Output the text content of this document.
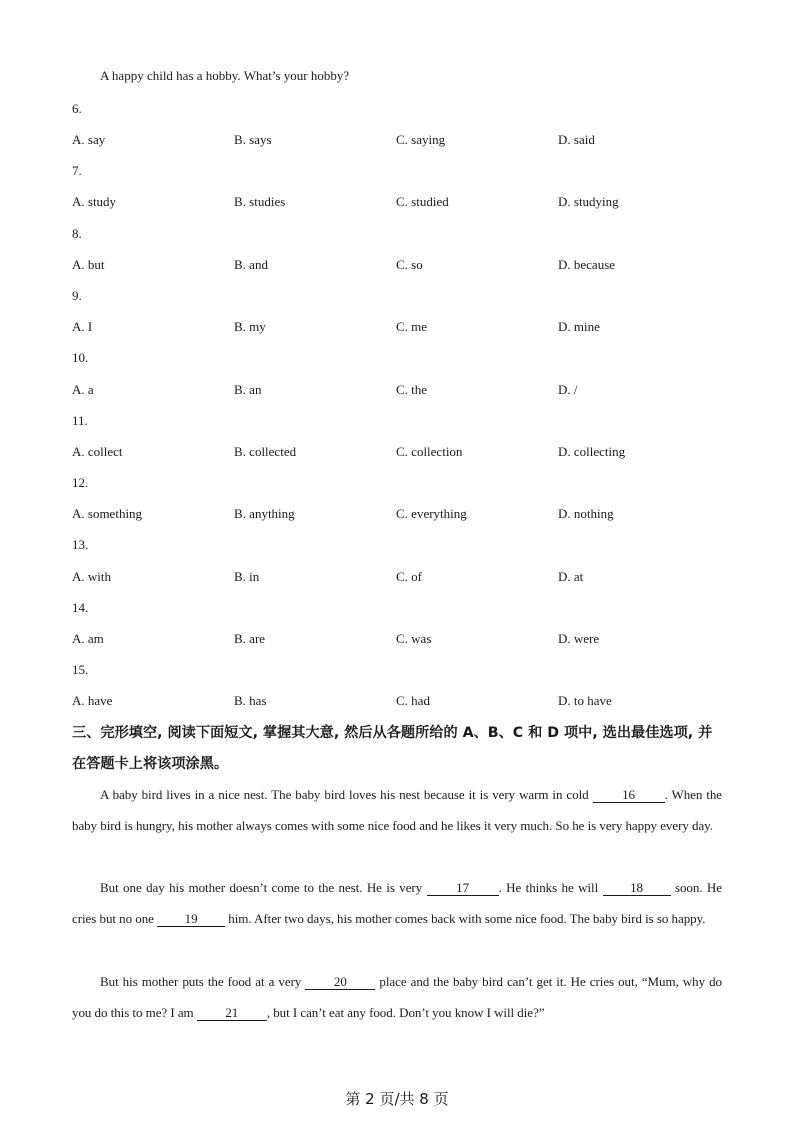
A happy child has a hobby. What’s your hobby?
6.
A. say	B. says	C. saying	D. said
7.
A. study	B. studies	C. studied	D. studying
8.
A. but	B. and	C. so	D. because
9.
A. I	B. my	C. me	D. mine
10.
A. a	B. an	C. the	D. /
11.
A. collect	B. collected	C. collection	D. collecting
12.
A. something	B. anything	C. everything	D. nothing
13.
A. with	B. in	C. of	D. at
14.
A. am	B. are	C. was	D. were
15.
A. have	B. has	C. had	D. to have
三、完形填空, 阅读下面短文, 掌握其大意, 然后从各题所给的 A、B、C 和 D 项中, 选出最佳选项, 并在答题卡上将该项涂黑。

A baby bird lives in a nice nest. The baby bird loves his nest because it is very warm in cold 16 . When the baby bird is hungry, his mother always comes with some nice food and he likes it very much. So he is very happy every day.

But one day his mother doesn’t come to the nest. He is very 17 . He thinks he will 18 soon. He cries but no one 19 him. After two days, his mother comes back with some nice food. The baby bird is so happy.

But his mother puts the food at a very 20 place and the baby bird can’t get it. He cries out, “Mum, why do you do this to me? I am 21 , but I can’t eat any food. Don’t you know I will die?”

第 2 页/共 8 页
